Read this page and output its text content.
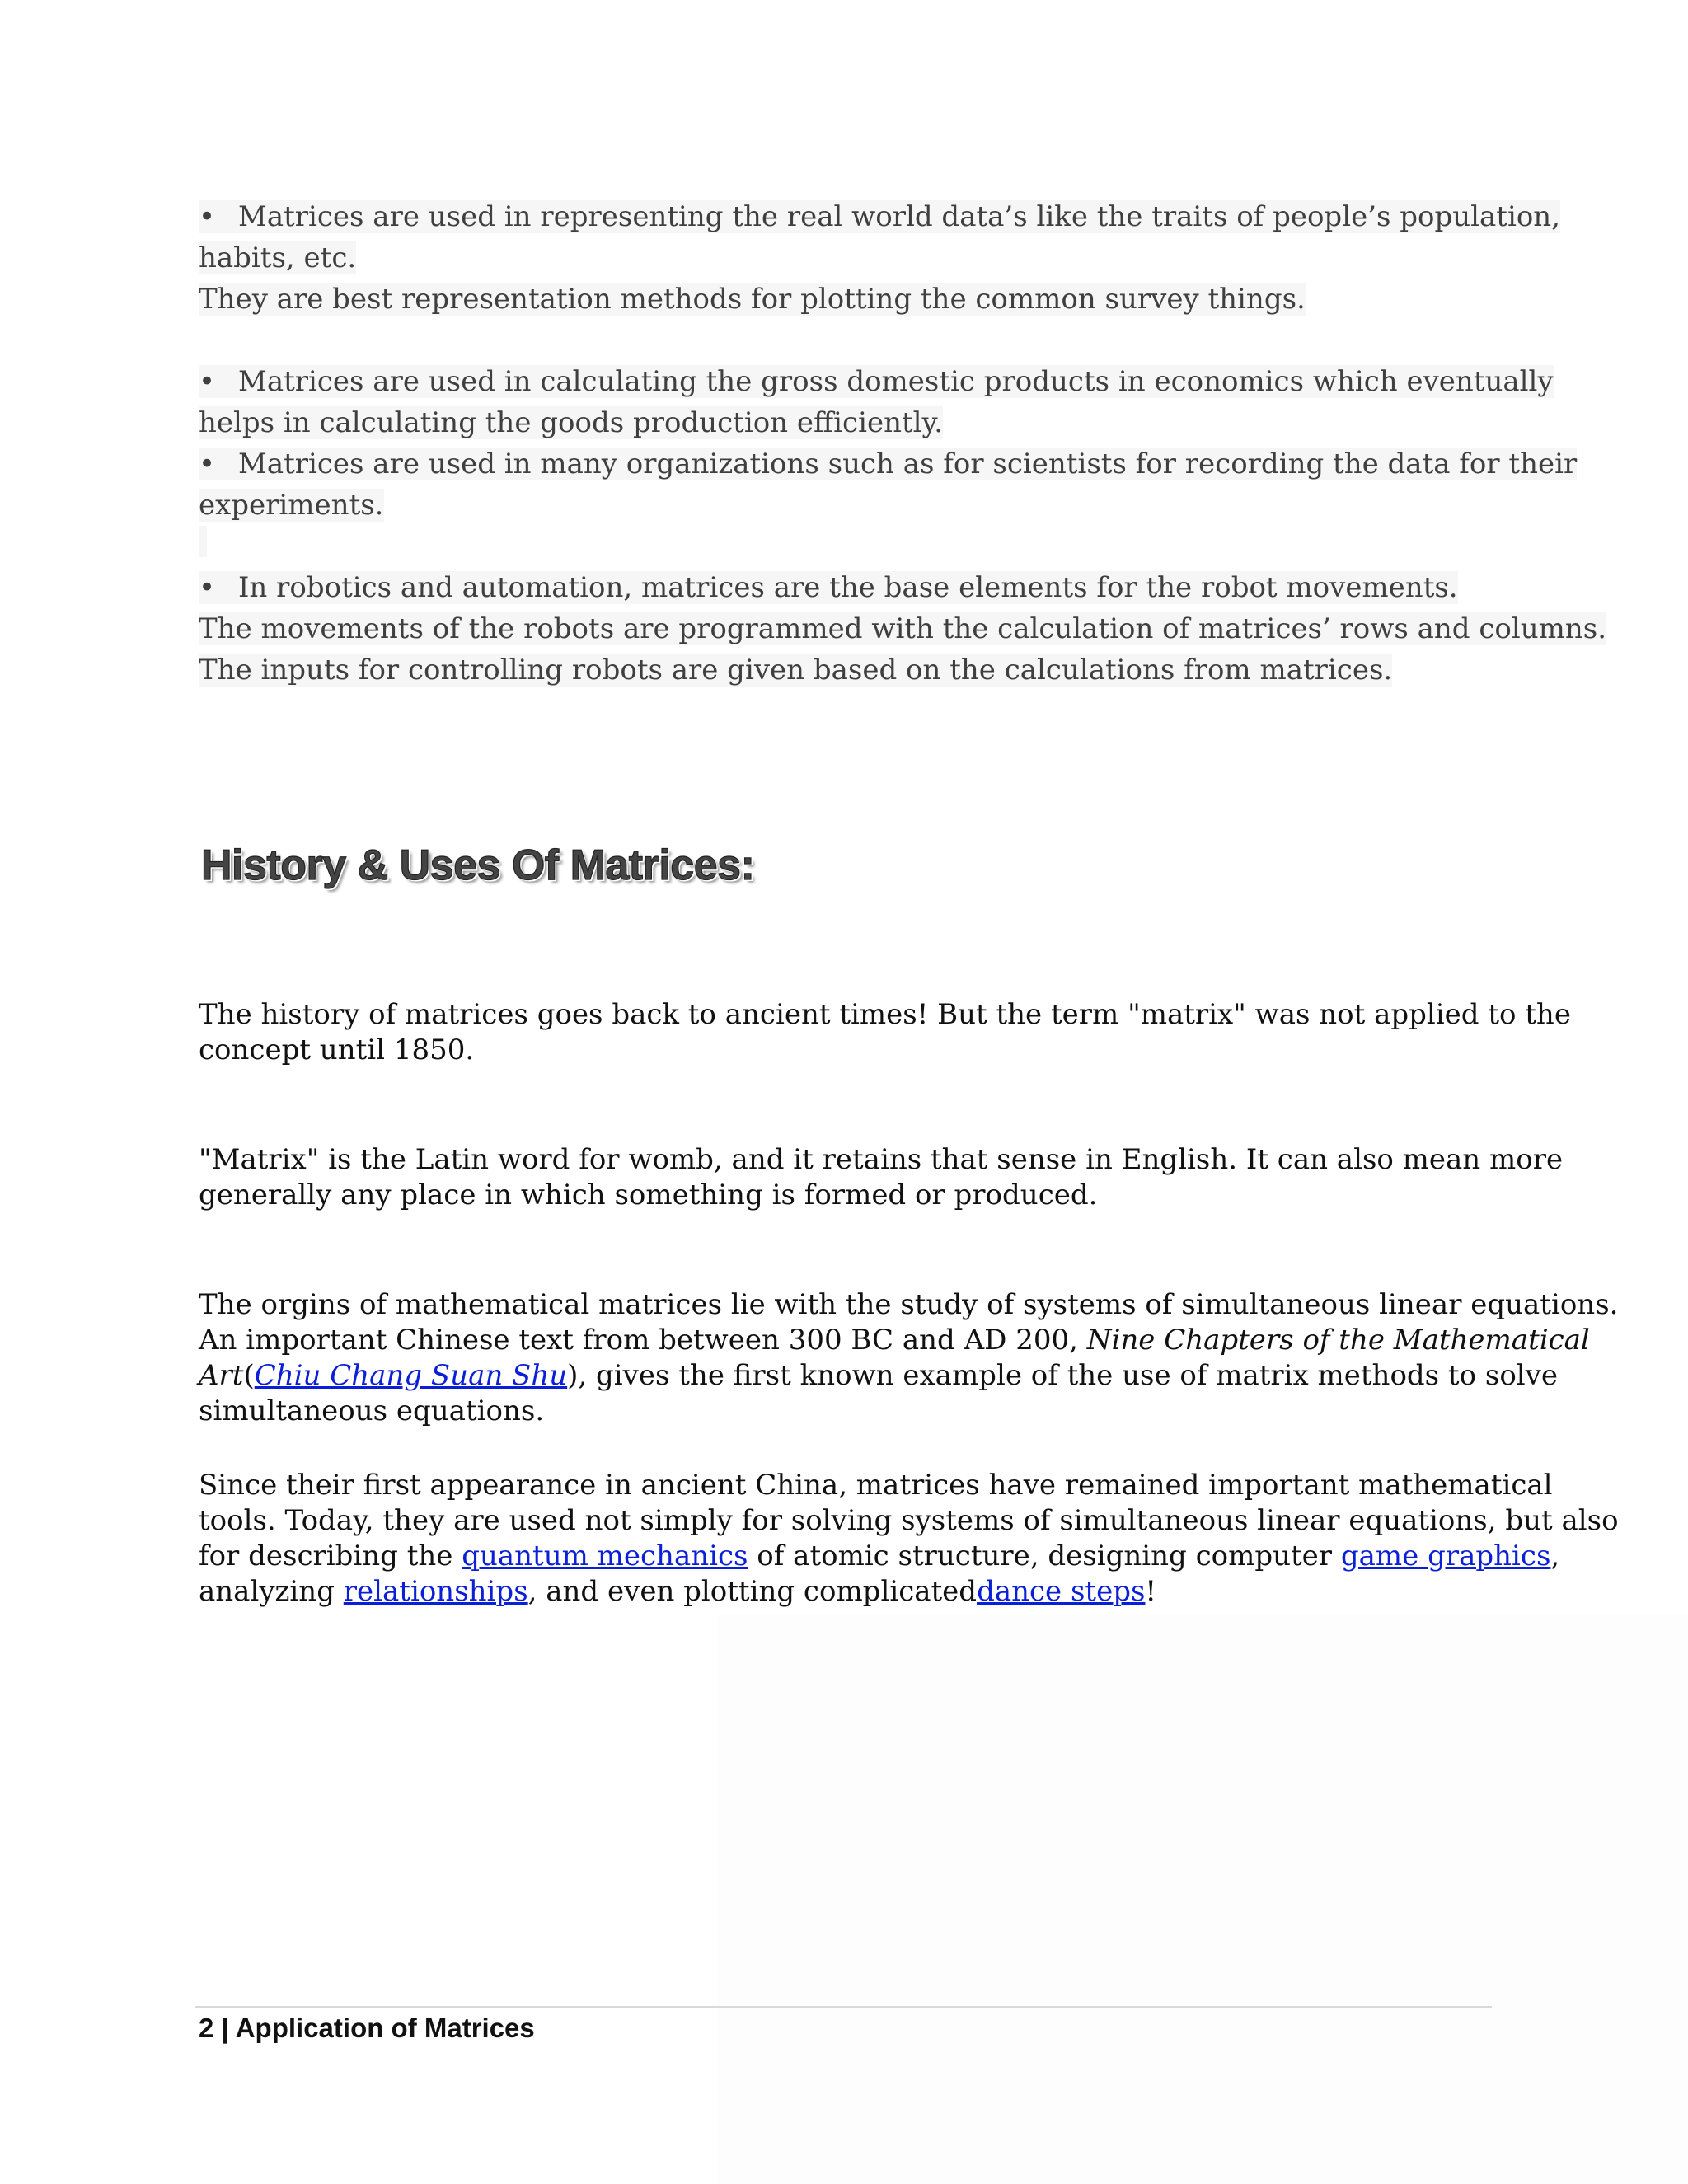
• Matrices are used in representing the real world data’s like the traits of people’s population,
habits, etc.
They are best representation methods for plotting the common survey things.
• Matrices are used in calculating the gross domestic products in economics which eventually
helps in calculating the goods production efficiently.
• Matrices are used in many organizations such as for scientists for recording the data for their
experiments.
• In robotics and automation, matrices are the base elements for the robot movements.
The movements of the robots are programmed with the calculation of matrices’ rows and columns.
The inputs for controlling robots are given based on the calculations from matrices.
History & Uses Of Matrices:
The history of matrices goes back to ancient times! But the term "matrix" was not applied to the
concept until 1850.
"Matrix" is the Latin word for womb, and it retains that sense in English. It can also mean more
generally any place in which something is formed or produced.
The orgins of mathematical matrices lie with the study of systems of simultaneous linear equations.
An important Chinese text from between 300 BC and AD 200, Nine Chapters of the Mathematical
Art(Chiu Chang Suan Shu), gives the first known example of the use of matrix methods to solve
simultaneous equations.
Since their first appearance in ancient China, matrices have remained important mathematical
tools. Today, they are used not simply for solving systems of simultaneous linear equations, but also
for describing the quantum mechanics of atomic structure, designing computer game graphics,
analyzing relationships, and even plotting complicateddance steps!
2 | Application of Matrices
